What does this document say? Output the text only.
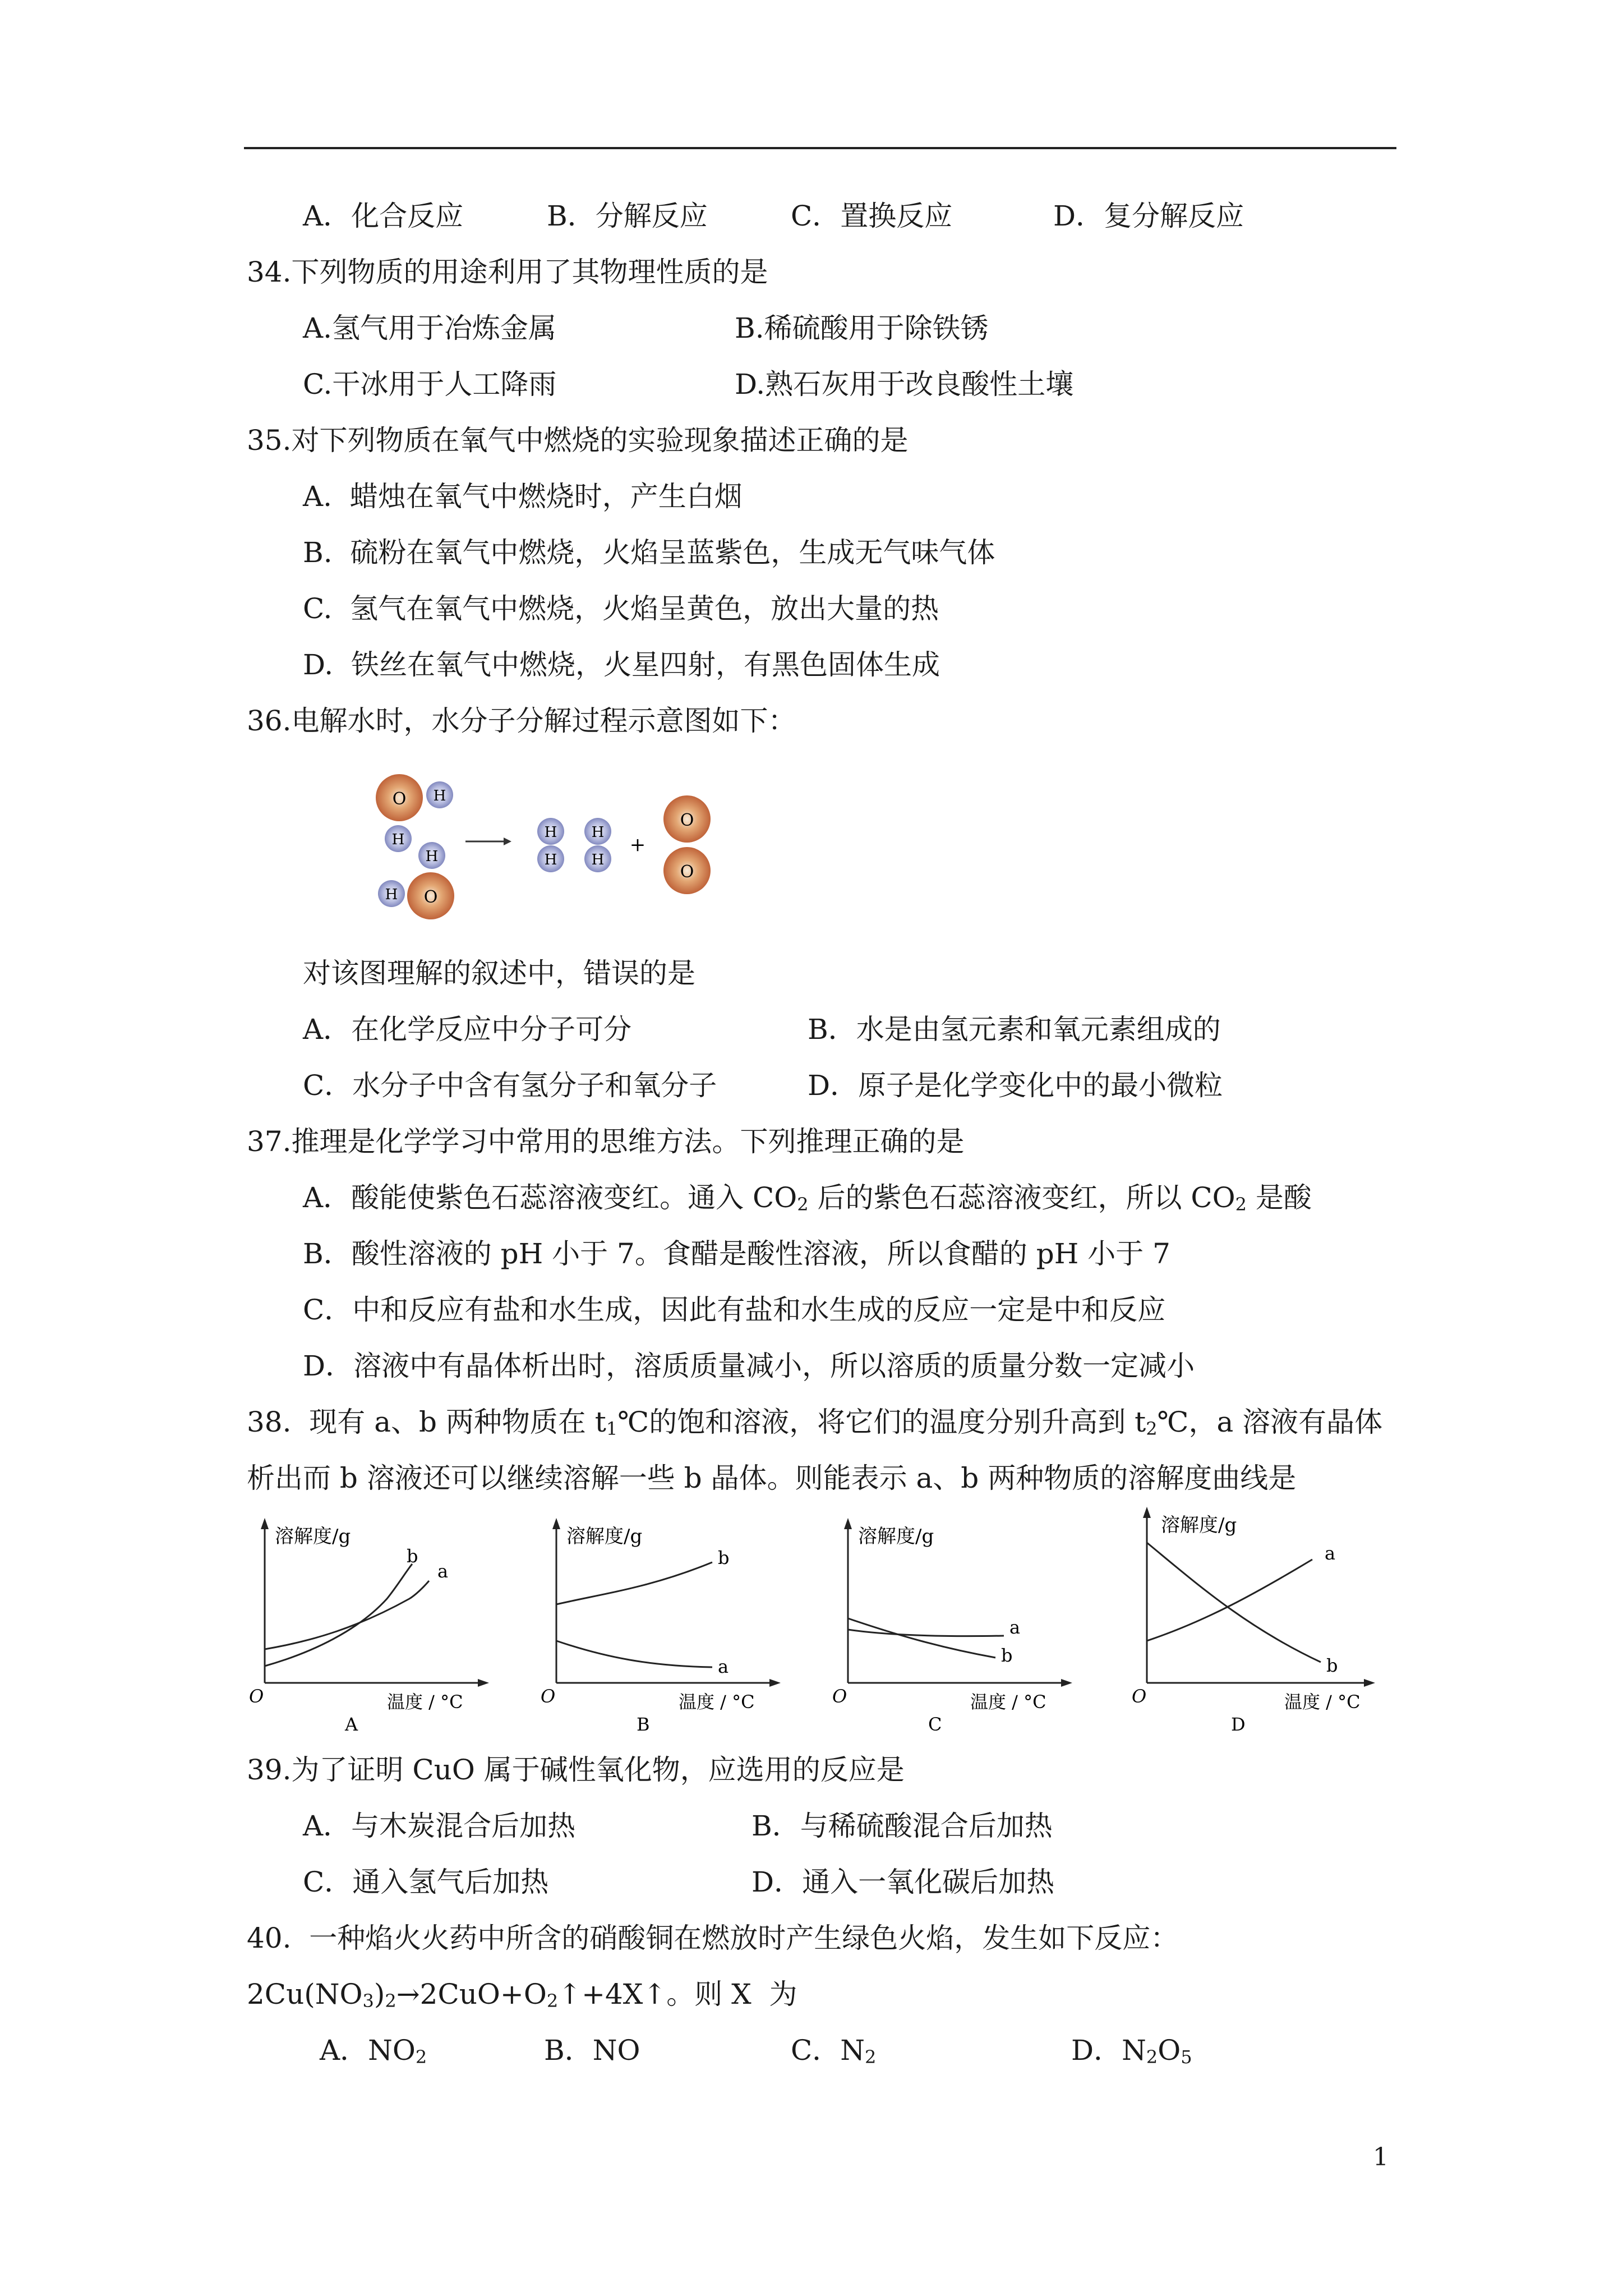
A．化合反应	B．分解反应	C．置换反应	D．复分解反应
34.下列物质的用途利用了其物理性质的是
A.氢气用于冶炼金属	B.稀硫酸用于除铁锈
C.干冰用于人工降雨	D.熟石灰用于改良酸性土壤
35.对下列物质在氧气中燃烧的实验现象描述正确的是
A.  蜡烛在氧气中燃烧时，产生白烟
B.  硫粉在氧气中燃烧，火焰呈蓝紫色，生成无气味气体
C.  氢气在氧气中燃烧，火焰呈黄色，放出大量的热
D.  铁丝在氧气中燃烧，火星四射，有黑色固体生成
36.电解水时，水分子分解过程示意图如下：
O H
H
H
H O
H
H
H
H
+
O
O
对该图理解的叙述中，错误的是
A．在化学反应中分子可分	B．水是由氢元素和氧元素组成的
C．水分子中含有氢分子和氧分子	D．原子是化学变化中的最小微粒
37.推理是化学学习中常用的思维方法。下列推理正确的是
A．酸能使紫色石蕊溶液变红。通入 $CO_2$ 后的紫色石蕊溶液变红，所以 $CO_2$ 是酸
B．酸性溶液的 pH 小于 7。食醋是酸性溶液，所以食醋的 pH 小于 7
C．中和反应有盐和水生成，因此有盐和水生成的反应一定是中和反应
D．溶液中有晶体析出时，溶质质量减小，所以溶质的质量分数一定减小
38.  现有 a、b 两种物质在 $t_1℃$的饱和溶液，将它们的温度分别升高到 $t_2℃$，a 溶液有晶体
析出而 b 溶液还可以继续溶解一些 b 晶体。则能表示 a、b 两种物质的溶解度曲线是
溶解度/g
O	温度 / °C
A
a
b
溶解度/g
O	温度 / °C
B
b
a
溶解度/g
O	温度 / °C
C
a
b
溶解度/g
O	温度 / °C
D
a
b
39.为了证明 CuO 属于碱性氧化物，应选用的反应是
A．与木炭混合后加热	B．与稀硫酸混合后加热
C．通入氢气后加热	D．通入一氧化碳后加热
40.  一种焰火火药中所含的硝酸铜在燃放时产生绿色火焰，发生如下反应：
$2Cu(NO_3)_2\to 2CuO+O_2↑+4X↑$。则 X  为
A．$NO_2$	B．NO	C．$N_2$	D．$N_2O_5$
1
